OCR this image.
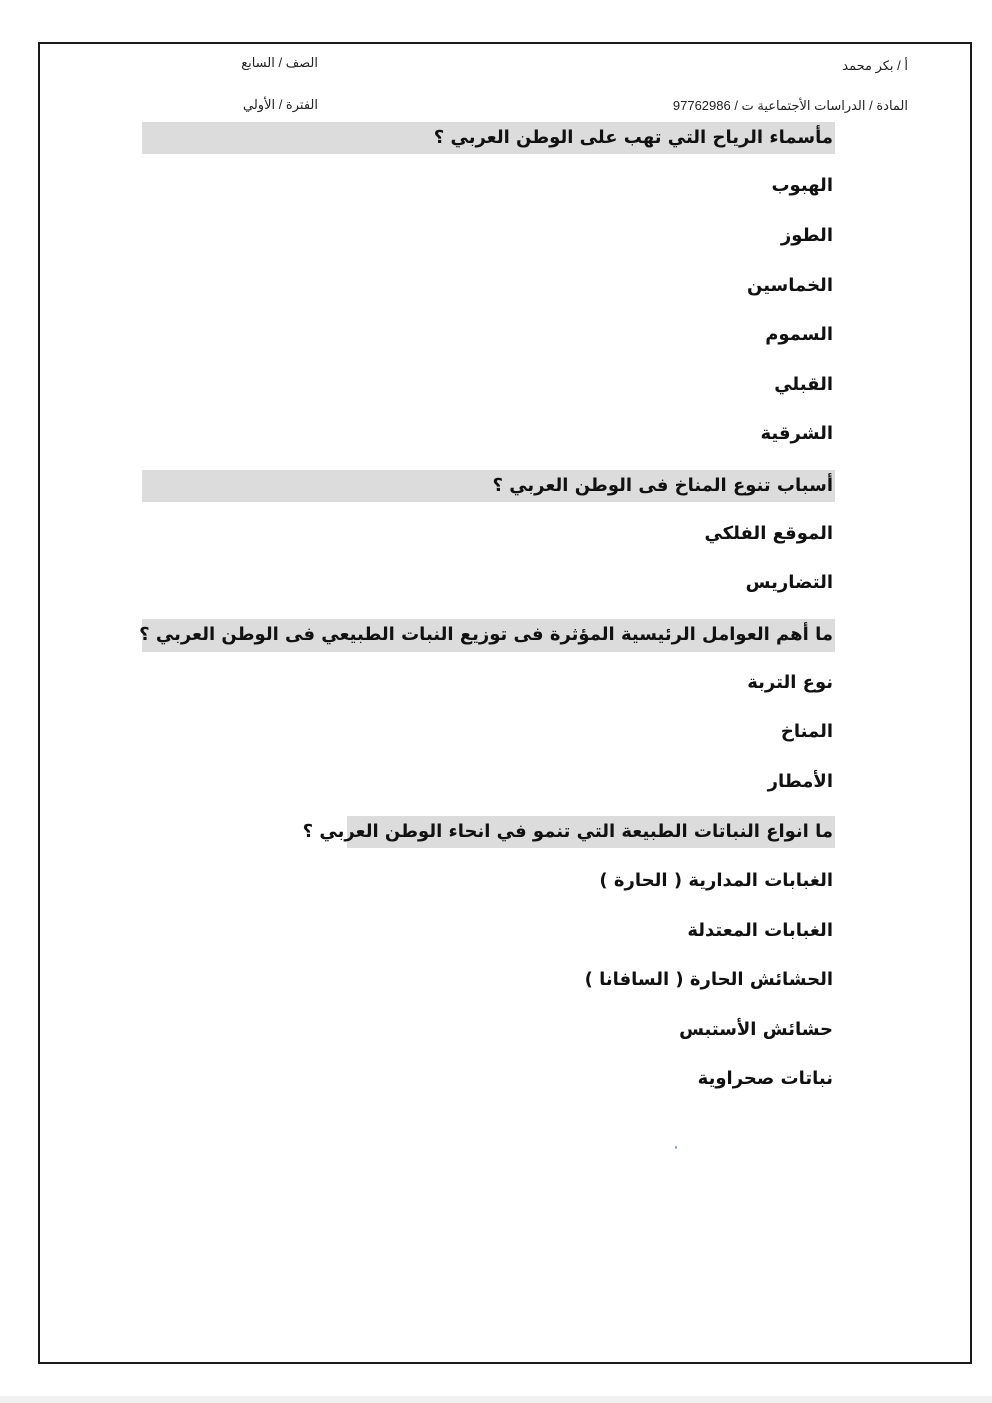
أ / بكر محمد
الصف / السابع
المادة / الدراسات الأجتماعية ت / 97762986
الفترة / الأولي
مأسماء الرياح التي تهب على الوطن العربي ؟
الهبوب
الطوز
الخماسين
السموم
القبلي
الشرقية
أسباب تنوع المناخ فى الوطن العربي ؟
الموقع الفلكي
التضاريس
ما أهم العوامل الرئيسية المؤثرة فى توزيع النبات الطبيعي فى الوطن العربي ؟
نوع التربة
المناخ
الأمطار
ما انواع النباتات الطبيعة التي تنمو في انحاء الوطن العربي ؟
الغبابات المدارية ( الحارة )
الغبابات المعتدلة
الحشائش الحارة ( السافانا )
حشائش الأستبس
نباتات صحراوية
